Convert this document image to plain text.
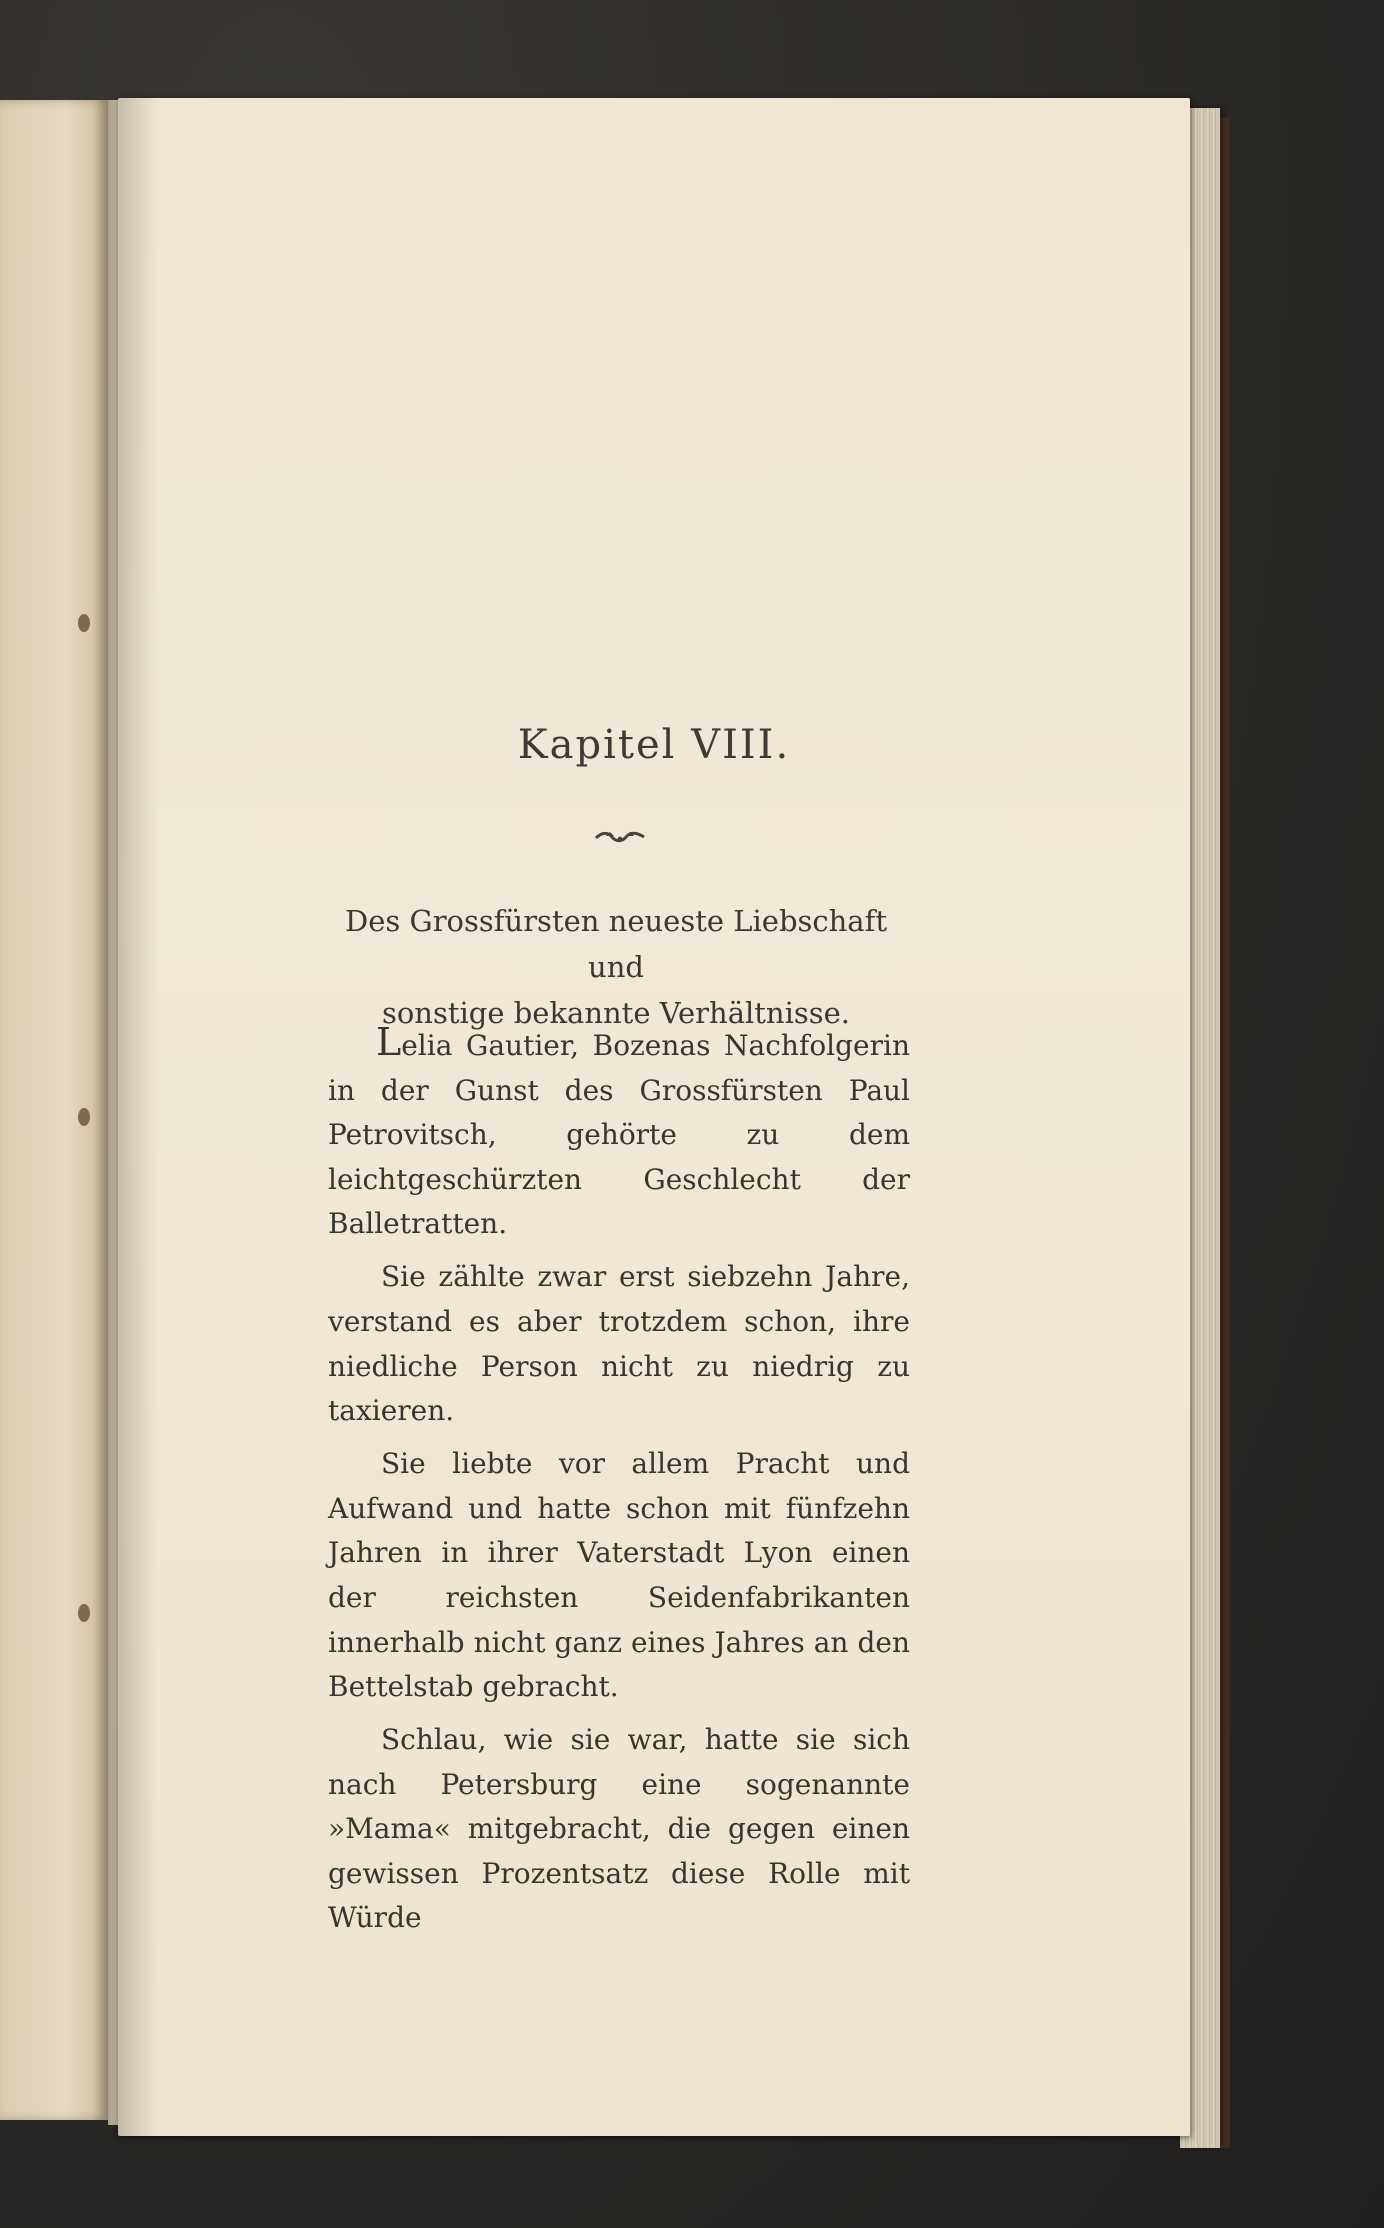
Kapitel VIII.
Des Grossfürsten neueste Liebschaft und
sonstige bekannte Verhältnisse.

Lelia Gautier, Bozenas Nachfolgerin in der Gunst des Grossfürsten Paul Petrovitsch, gehörte zu dem leichtgeschürzten Geschlecht der Balletratten.

Sie zählte zwar erst siebzehn Jahre, verstand es aber trotzdem schon, ihre niedliche Person nicht zu niedrig zu taxieren.

Sie liebte vor allem Pracht und Aufwand und hatte schon mit fünfzehn Jahren in ihrer Vaterstadt Lyon einen der reichsten Seidenfabrikanten innerhalb nicht ganz eines Jahres an den Bettelstab gebracht.

Schlau, wie sie war, hatte sie sich nach Petersburg eine sogenannte »Mama« mitgebracht, die gegen einen gewissen Prozentsatz diese Rolle mit Würde
